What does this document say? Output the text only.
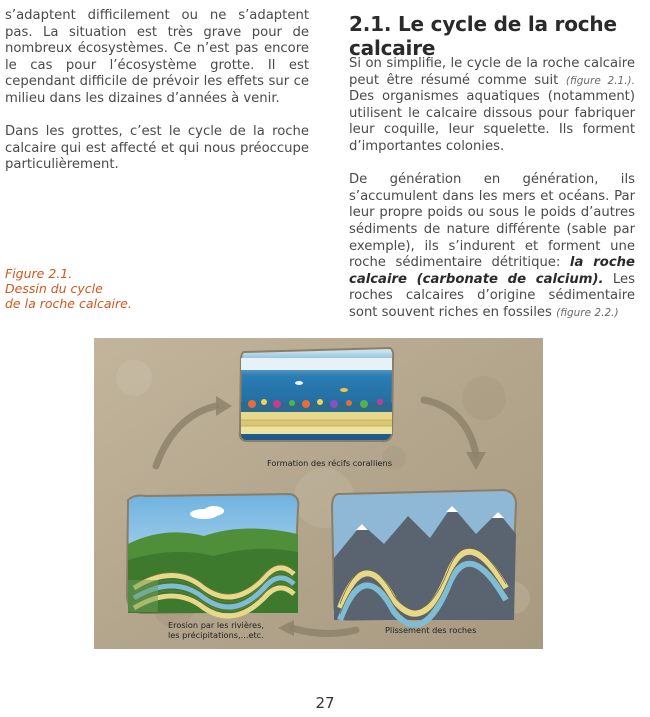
s’adaptent difficilement ou ne s’adaptent pas. La situation est très grave pour de nombreux écosystèmes. Ce n’est pas encore le cas pour l’écosystème grotte. Il est cependant difficile de prévoir les effets sur ce milieu dans les dizaines d’années à venir.

Dans les grottes, c’est le cycle de la roche calcaire qui est affecté et qui nous préoccupe particulièrement.

Figure 2.1.
Dessin du cycle
de la roche calcaire.
2.1. Le cycle de la roche calcaire

Si on simplifie, le cycle de la roche calcaire peut être résumé comme suit (figure 2.1.). Des organismes aquatiques (notamment) utilisent le calcaire dissous pour fabriquer leur coquille, leur squelette. Ils forment d’importantes colonies.

De génération en génération, ils s’accumulent dans les mers et océans. Par leur propre poids ou sous le poids d’autres sédiments de nature différente (sable par exemple), ils s’indurent et forment une roche sédimentaire détritique: la roche calcaire (carbonate de calcium). Les roches calcaires d’origine sédimentaire sont souvent riches en fossiles (figure 2.2.)

Formation des récifs coralliens
Erosion par les rivières,
les précipitations,...etc.	Plissement des roches
27
